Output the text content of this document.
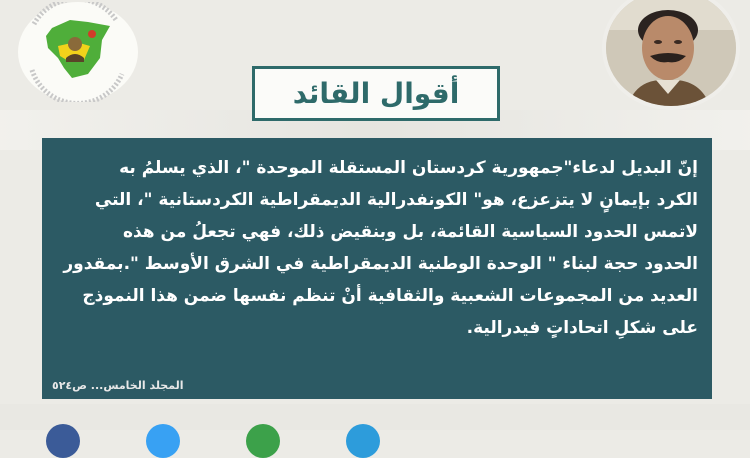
أقوال القائد
إنّ البديل لدعاء"جمهورية كردستان المستقلة الموحدة "، الذي يسلمُ به
الكرد بإيمانٍ لا يتزعزع، هو" الكونفدرالية الديمقراطية الكردستانية "، التي
لاتمس الحدود السياسية القائمة، بل وبنقيض ذلك، فهي تجعلُ من هذه
الحدود حجة لبناء " الوحدة الوطنية الديمقراطية في الشرق الأوسط ".بمقدور
العديد من المجموعات الشعبية والثقافية أنْ تنظم نفسها ضمن هذا النموذج
على شكلِ اتحاداتٍ فيدرالية.
المجلد الخامس... ص٥٢٤
